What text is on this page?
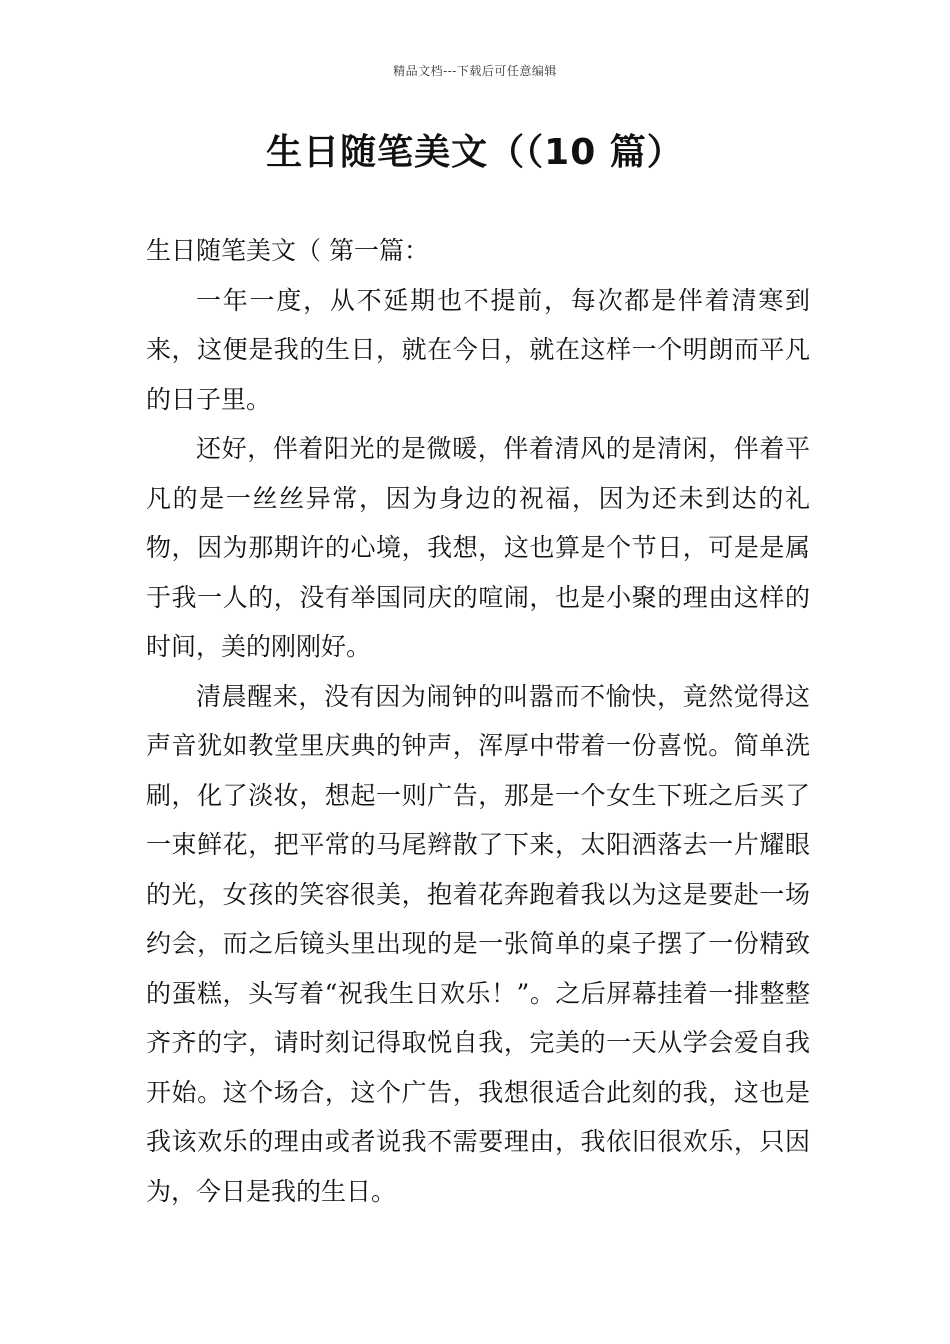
精品文档---下载后可任意编辑
生日随笔美文（（10 篇）

生日随笔美文（ 第一篇：

一年一度，从不延期也不提前，每次都是伴着清寒到来，这便是我的生日，就在今日，就在这样一个明朗而平凡的日子里。

还好，伴着阳光的是微暖，伴着清风的是清闲，伴着平凡的是一丝丝异常，因为身边的祝福，因为还未到达的礼物，因为那期许的心境，我想，这也算是个节日，可是是属于我一人的，没有举国同庆的喧闹，也是小聚的理由这样的时间，美的刚刚好。

清晨醒来，没有因为闹钟的叫嚣而不愉快，竟然觉得这声音犹如教堂里庆典的钟声，浑厚中带着一份喜悦。简单洗刷，化了淡妆，想起一则广告，那是一个女生下班之后买了一束鲜花，把平常的马尾辫散了下来，太阳洒落去一片耀眼的光，女孩的笑容很美，抱着花奔跑着我以为这是要赴一场约会，而之后镜头里出现的是一张简单的桌子摆了一份精致的蛋糕，头写着“祝我生日欢乐！”。之后屏幕挂着一排整整齐齐的字，请时刻记得取悦自我，完美的一天从学会爱自我开始。这个场合，这个广告，我想很适合此刻的我，这也是我该欢乐的理由或者说我不需要理由，我依旧很欢乐，只因为，今日是我的生日。
